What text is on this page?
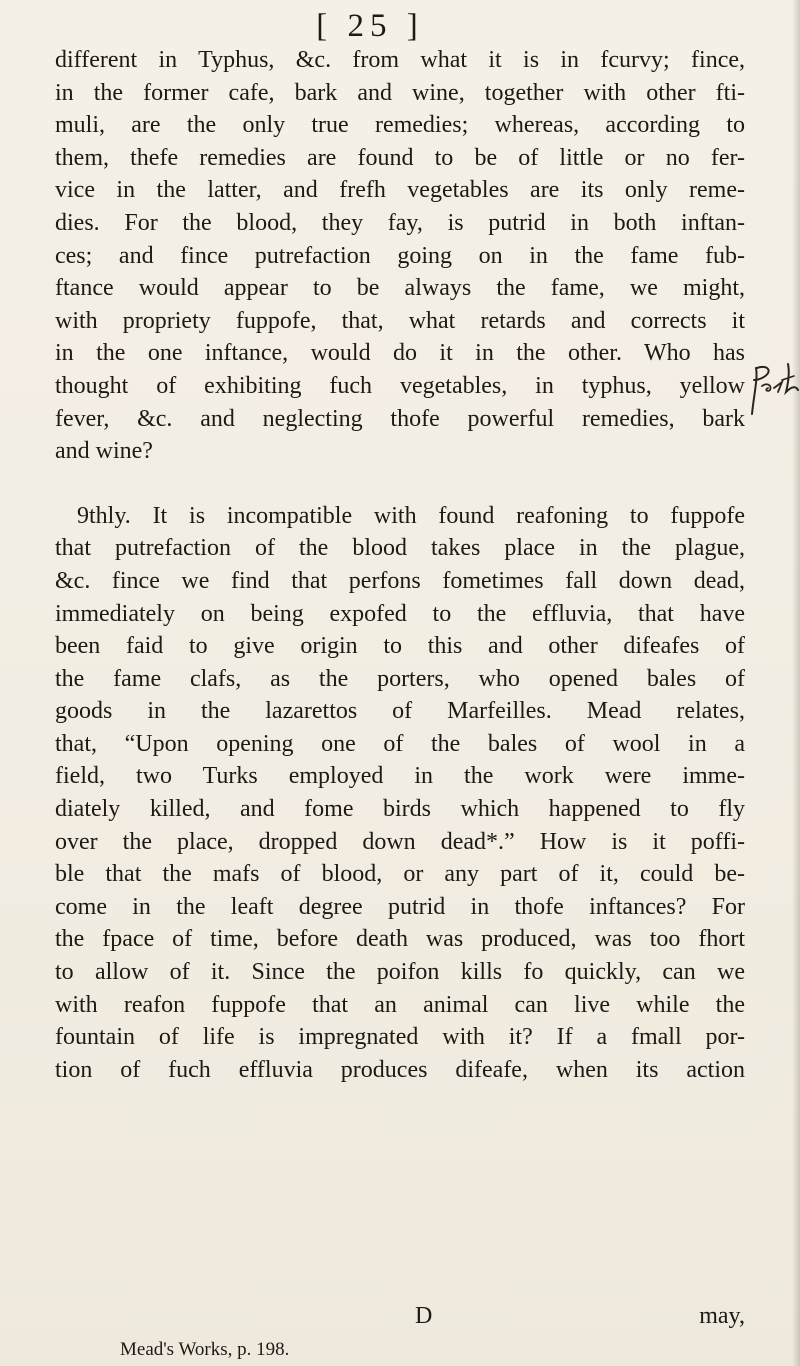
[ 25 ]
different in Typhus, &c. from what it is in fcurvy; fince,
in the former cafe, bark and wine, together with other fti-
muli, are the only true remedies; whereas, according to
them, thefe remedies are found to be of little or no fer-
vice in the latter, and frefh vegetables are its only reme-
dies. For the blood, they fay, is putrid in both inftan-
ces; and fince putrefaction going on in the fame fub-
ftance would appear to be always the fame, we might,
with propriety fuppofe, that, what retards and corrects it
in the one inftance, would do it in the other. Who has
thought of exhibiting fuch vegetables, in typhus, yellow
fever, &c. and neglecting thofe powerful remedies, bark
and wine?
9thly. It is incompatible with found reafoning to fuppofe
that putrefaction of the blood takes place in the plague,
&c. fince we find that perfons fometimes fall down dead,
immediately on being expofed to the effluvia, that have
been faid to give origin to this and other difeafes of
the fame clafs, as the porters, who opened bales of
goods in the lazarettos of Marfeilles. Mead relates,
that, “Upon opening one of the bales of wool in a
field, two Turks employed in the work were imme-
diately killed, and fome birds which happened to fly
over the place, dropped down dead*.” How is it poffi-
ble that the mafs of blood, or any part of it, could be-
come in the leaft degree putrid in thofe inftances? For
the fpace of time, before death was produced, was too fhort
to allow of it. Since the poifon kills fo quickly, can we
with reafon fuppofe that an animal can live while the
fountain of life is impregnated with it? If a fmall por-
tion of fuch effluvia produces difeafe, when its action
D	may,
Mead's Works, p. 198.
